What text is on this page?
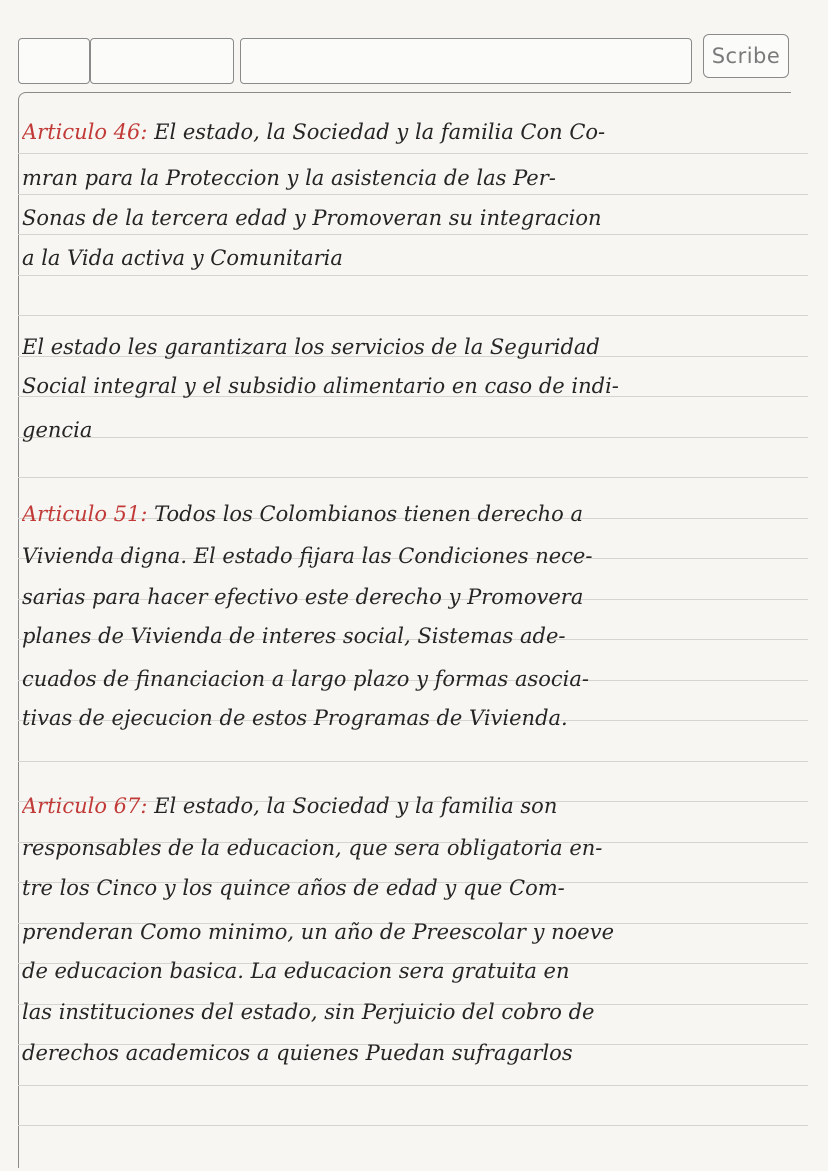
Scribe
Articulo 46: El estado, la Sociedad y la familia Con Co-
mran para la Proteccion y la asistencia de las Per-
Sonas de la tercera edad y Promoveran su integracion
a la Vida activa y Comunitaria
El estado les garantizara los servicios de la Seguridad
Social integral y el subsidio alimentario en caso de indi-
gencia
Articulo 51: Todos los Colombianos tienen derecho a
Vivienda digna. El estado fijara las Condiciones nece-
sarias para hacer efectivo este derecho y Promovera
planes de Vivienda de interes social, Sistemas ade-
cuados de financiacion a largo plazo y formas asocia-
tivas de ejecucion de estos Programas de Vivienda.
Articulo 67: El estado, la Sociedad y la familia son
responsables de la educacion, que sera obligatoria en-
tre los Cinco y los quince años de edad y que Com-
prenderan Como minimo, un año de Preescolar y noeve
de educacion basica. La educacion sera gratuita en
las instituciones del estado, sin Perjuicio del cobro de
derechos academicos a quienes Puedan sufragarlos
